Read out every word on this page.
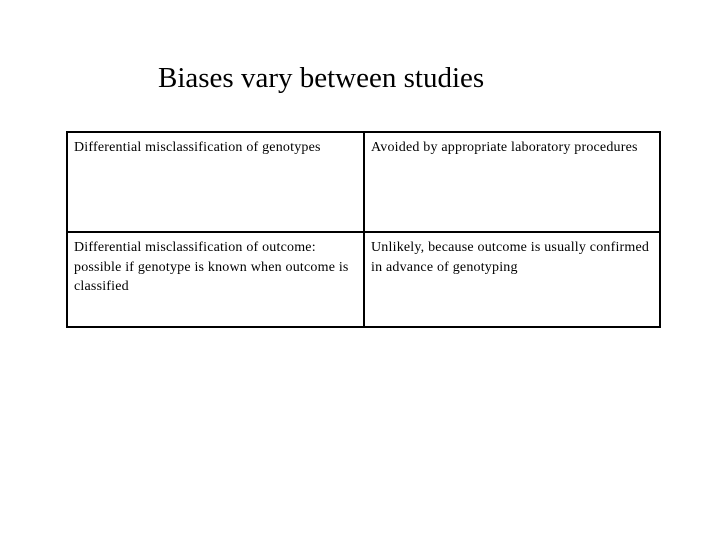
Biases vary between studies
Differential misclassification of genotypes	Avoided by appropriate laboratory procedures
Differential misclassification of outcome: possible if genotype is known when outcome is classified	Unlikely, because outcome is usually confirmed in advance of genotyping
